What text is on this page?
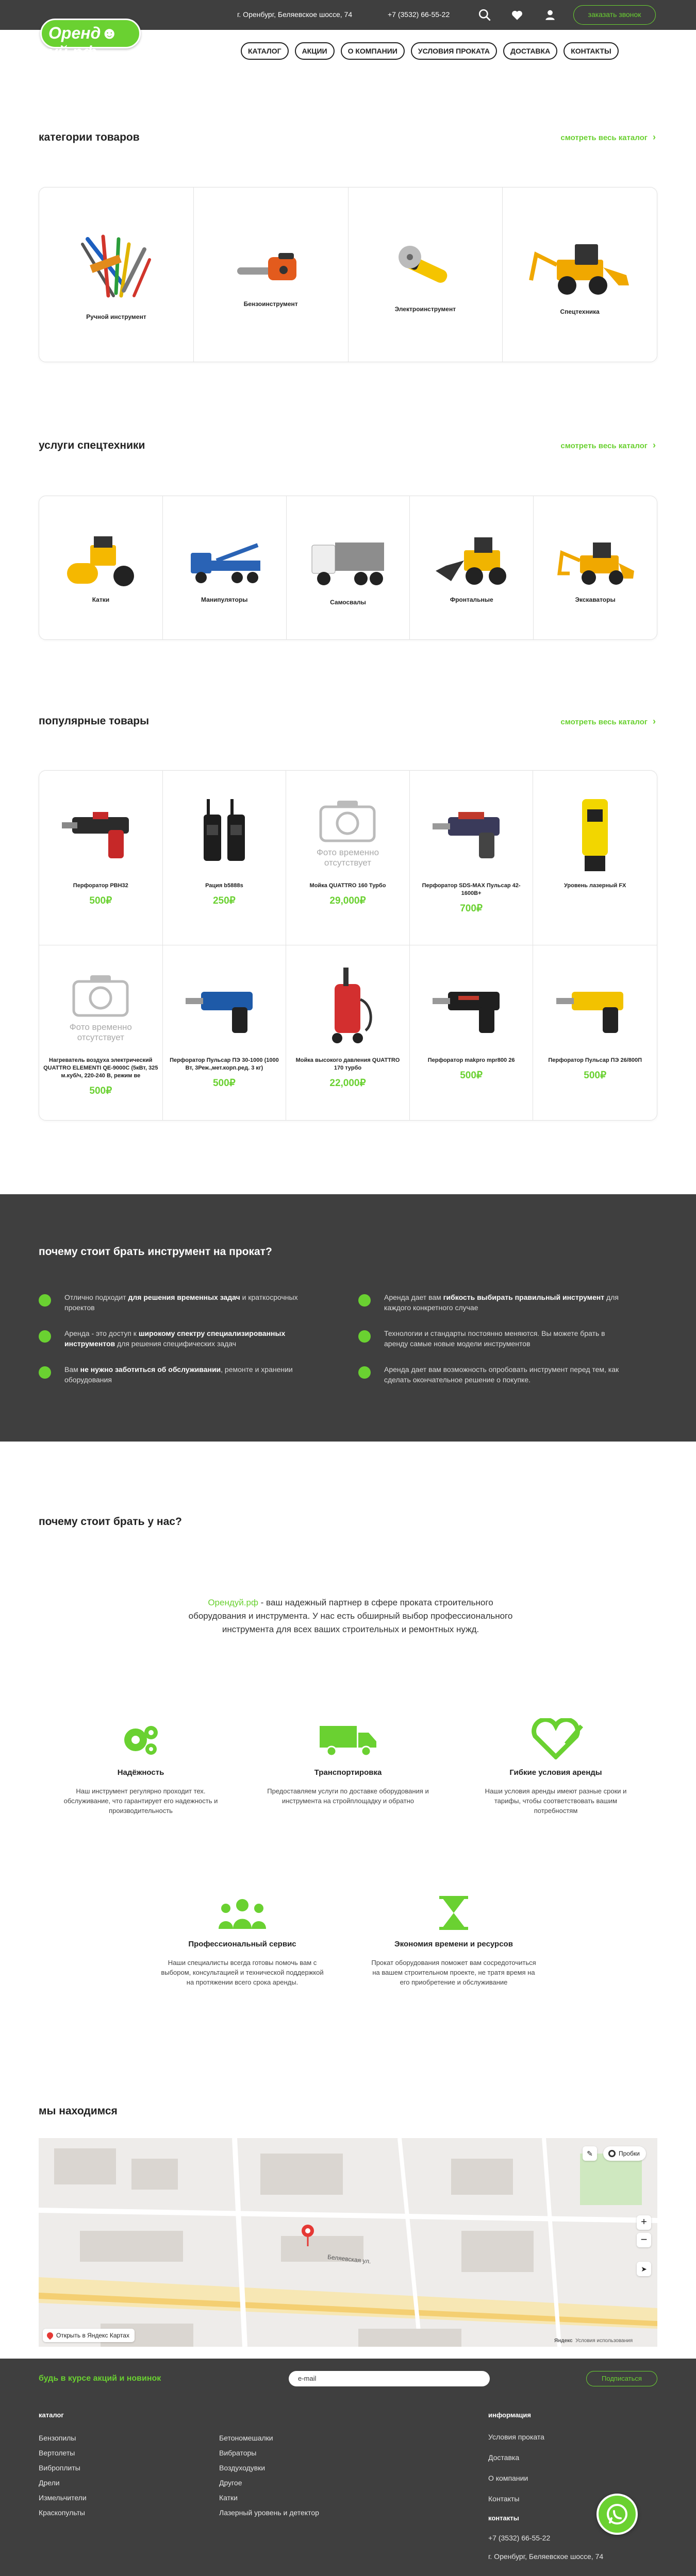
г. Оренбург, Беляевское шоссе, 74	+7 (3532) 66-55-22	заказать звонок
Оренд☻уй.рф	КАТАЛОГ	АКЦИИ	О КОМПАНИИ	УСЛОВИЯ ПРОКАТА	ДОСТАВКА	КОНТАКТЫ
категории товаров	смотреть весь каталог ›
Ручной инструмент
Бензоинструмент
Электроинструмент	Спецтехника
услуги спецтехники	смотреть весь каталог ›
Катки	Манипуляторы	Самосвалы	Фронтальные	Экскаваторы
популярные товары	смотреть весь каталог ›
Перфоратор PBH32
500₽
Рация b5888s
250₽
Фото временно отсутствует
Мойка QUATTRO 160 Турбо
29,000₽
Перфоратор SDS-MAX Пульсар 42-1600В+
700₽
Уровень лазерный FX
Фото временно отсутствует
Нагреватель воздуха электрический QUATTRO ELEMENTI QE-9000C (5кВт, 325 м.куб/ч, 220-240 В, режим ве
500₽
Перфоратор Пульсар ПЭ 30-1000 (1000 Вт, 3Реж.,мет.корп.ред. 3 кг)
500₽
Мойка высокого давления QUATTRO 170 турбо
22,000₽
Перфоратор makpro mpr800 26
500₽
Перфоратор Пульсар ПЭ 26/800П
500₽
почему стоит брать инструмент на прокат?
Отлично подходит для решения временных задач и краткосрочных проектов
Аренда дает вам гибкость выбирать правильный инструмент для каждого конкретного случае
Аренда - это доступ к широкому спектру специализированных инструментов для решения специфических задач
Технологии и стандарты постоянно меняются. Вы можете брать в аренду самые новые модели инструментов
Вам не нужно заботиться об обслуживании, ремонте и хранении оборудования
Аренда дает вам возможность опробовать инструмент перед тем, как сделать окончательное решение о покупке.
почему стоит брать у нас?
Орендуй.рф - ваш надежный партнер в сфере проката строительного оборудования и инструмента. У нас есть обширный выбор профессионального инструмента для всех ваших строительных и ремонтных нужд.
Надёжность
Наш инструмент регулярно проходит тех. обслуживание, что гарантирует его надежность и производительность
Транспортировка
Предоставляем услуги по доставке оборудования и инструмента на стройплощадку и обратно
Гибкие условия аренды
Наши условия аренды имеют разные сроки и тарифы, чтобы соответствовать вашим потребностям
Профессиональный сервис
Наши специалисты всегда готовы помочь вам с выбором, консультацией и технической поддержкой на протяжении всего срока аренды.
Экономия времени и ресурсов
Прокат оборудования поможет вам сосредоточиться на вашем строительном проекте, не тратя время на его приобретение и обслуживание
мы находимся
Беляевская ул.
Пробки
✎
+
−
➤
Открыть в Яндекс Картах
Яндекс Условия использования
будь в курсе акций и новинок	e-mail	Подписаться
каталог
Бензопилы
Вертолеты
Виброплиты
Дрели
Измельчители
Краскопульты
Бетономешалки
Вибраторы
Воздуходувки
Другое
Катки
Лазерный уровень и детектор
информация
Условия проката
Доставка
О компании
Контакты
контакты
+7 (3532) 66-55-22
г. Оренбург, Беляевское шоссе, 74
